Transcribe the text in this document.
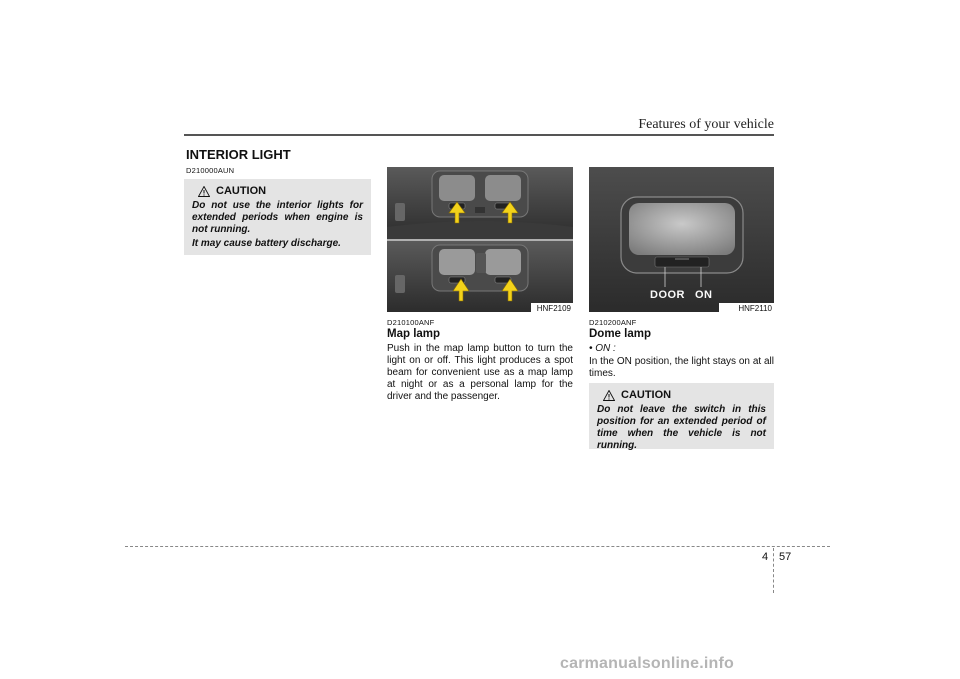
Features of your vehicle
INTERIOR LIGHT
D210000AUN
CAUTION
Do not use the interior lights for extended periods when engine is not running.
It may cause battery discharge.
HNF2109
D210100ANF
Map lamp
Push in the map lamp button to turn the light on or off. This light produces a spot beam for convenient use as a map lamp at night or as a personal lamp for the driver and the passenger.
DOOR ON
HNF2110
D210200ANF
Dome lamp
• ON :
In the ON position, the light stays on at all times.
CAUTION
Do not leave the switch in this position for an extended period of time when the vehicle is not running.
4 57
carmanualsonline.info
